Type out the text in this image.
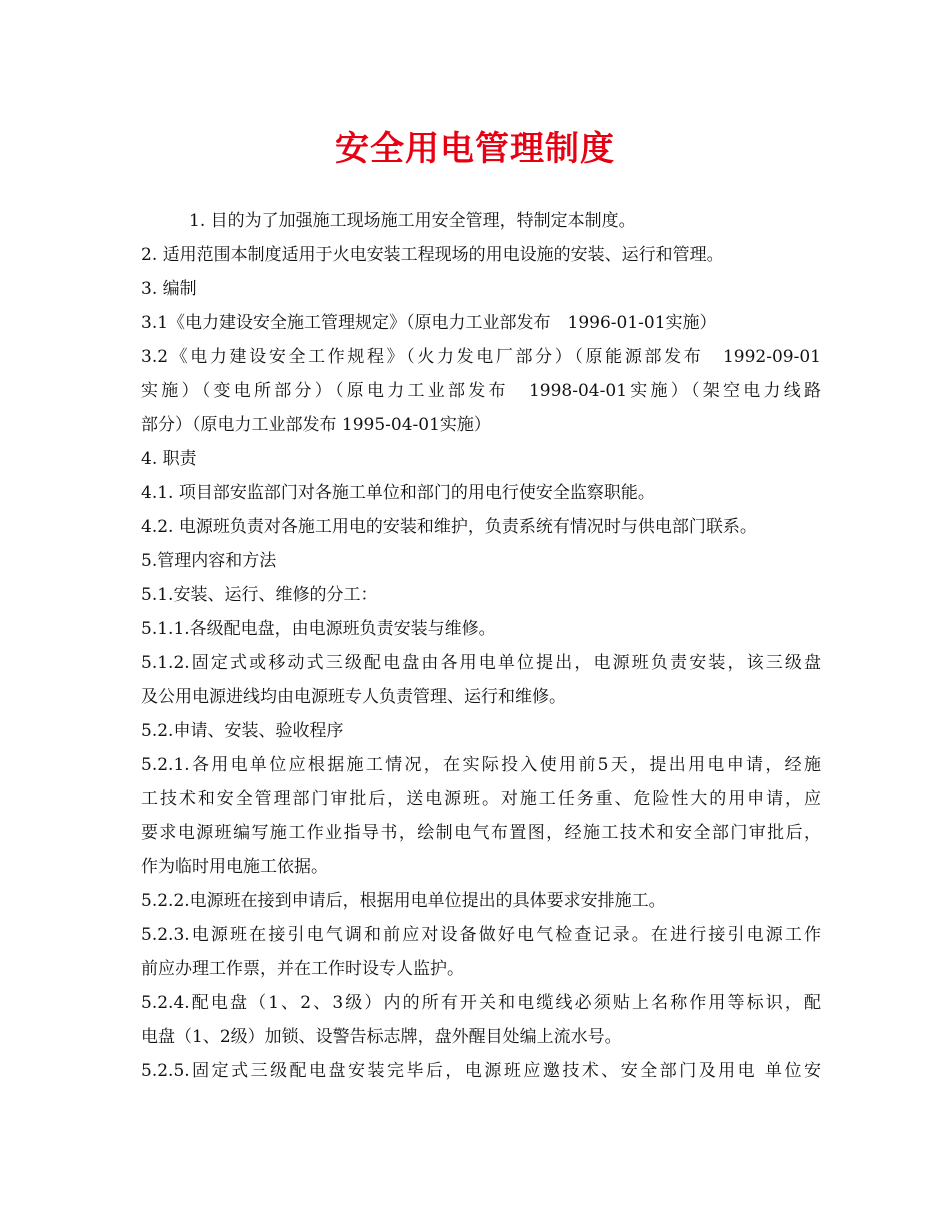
安全用电管理制度

1. 目的为了加强施工现场施工用安全管理，特制定本制度。

2. 适用范围本制度适用于火电安装工程现场的用电设施的安装、运行和管理。

3. 编制

3.1《电力建设安全施工管理规定》（原电力工业部发布　1996-01-01实施）

3.2《电力建设安全工作规程》（火力发电厂部分）（原能源部发布　1992-09-01
实施）（变电所部分）（原电力工业部发布　1998-04-01实施）（架空电力线路
部分）（原电力工业部发布 1995-04-01实施）

4. 职责

4.1. 项目部安监部门对各施工单位和部门的用电行使安全监察职能。

4.2. 电源班负责对各施工用电的安装和维护，负责系统有情况时与供电部门联系。

5.管理内容和方法

5.1.安装、运行、维修的分工：

5.1.1.各级配电盘，由电源班负责安装与维修。

5.1.2.固定式或移动式三级配电盘由各用电单位提出，电源班负责安装，该三级盘
及公用电源进线均由电源班专人负责管理、运行和维修。

5.2.申请、安装、验收程序

5.2.1.各用电单位应根据施工情况，在实际投入使用前5天，提出用电申请，经施
工技术和安全管理部门审批后，送电源班。对施工任务重、危险性大的用申请，应
要求电源班编写施工作业指导书，绘制电气布置图，经施工技术和安全部门审批后，
作为临时用电施工依据。

5.2.2.电源班在接到申请后，根据用电单位提出的具体要求安排施工。

5.2.3.电源班在接引电气调和前应对设备做好电气检查记录。在进行接引电源工作
前应办理工作票，并在工作时设专人监护。

5.2.4.配电盘（1、2、3级）内的所有开关和电缆线必须贴上名称作用等标识，配
电盘（1、2级）加锁、设警告标志牌，盘外醒目处编上流水号。

5.2.5.固定式三级配电盘安装完毕后，电源班应邀技术、安全部门及用电 单位安
